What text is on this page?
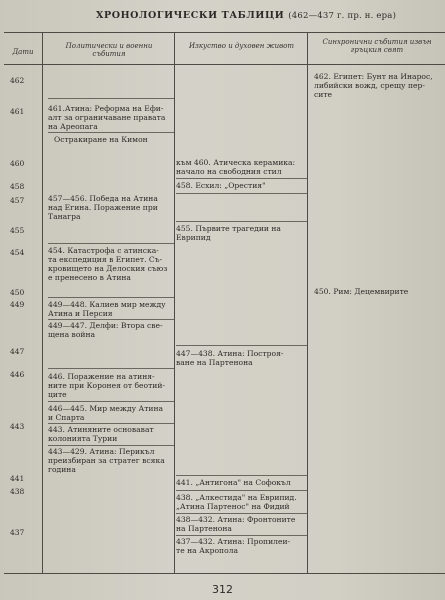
ХРОНОЛОГИЧЕСКИ ТАБЛИЦИ (462—437 г. пр. н. ера)
Дати
Политически и военни
събития
Изкуство и духовен живот	Синхронични събития извън
гръцкия свят
462
461
460
458
457
455
454
450
449
447
446
443
441
438
437
461.Атина: Реформа на Ефи-
алт за ограничаване правата
на Ареопага
Остракиране на Кимон
457—456. Победа на Атина
над Егина. Поражение при
Танагра
454. Катастрофа с атинска-
та експедиция в Египет. Съ-
кровището на Делоския съюз
е пренесено в Атина
449—448. Калиев мир между
Атина и Персия
449—447. Делфи: Втора све-
щена война
446. Поражение на атиня-
ните при Коронея от беотий-
ците
446—445. Мир между Атина
и Спарта
443. Атиняните основават
колонията Турии
443—429. Атина: Перикъл
преизбиран за стратег всяка
година
към 460. Атическа керамика:
начало на свободния стил
458. Есхил: „Орестия"
455. Първите трагедии на
Еврипид
447—438. Атина: Построя-
ване на Партенона
441. „Антигона" на Софокъл
438. „Алкестида" на Еврипид.
„Атина Партенос" на Фидий
438—432. Атина: Фронтоните
на Партенона
437—432. Атина: Пропилеи-
те на Акропола
462. Египет: Бунт на Инарос,
либийски вожд, срещу пер-
сите
450. Рим: Децемвирите
312
